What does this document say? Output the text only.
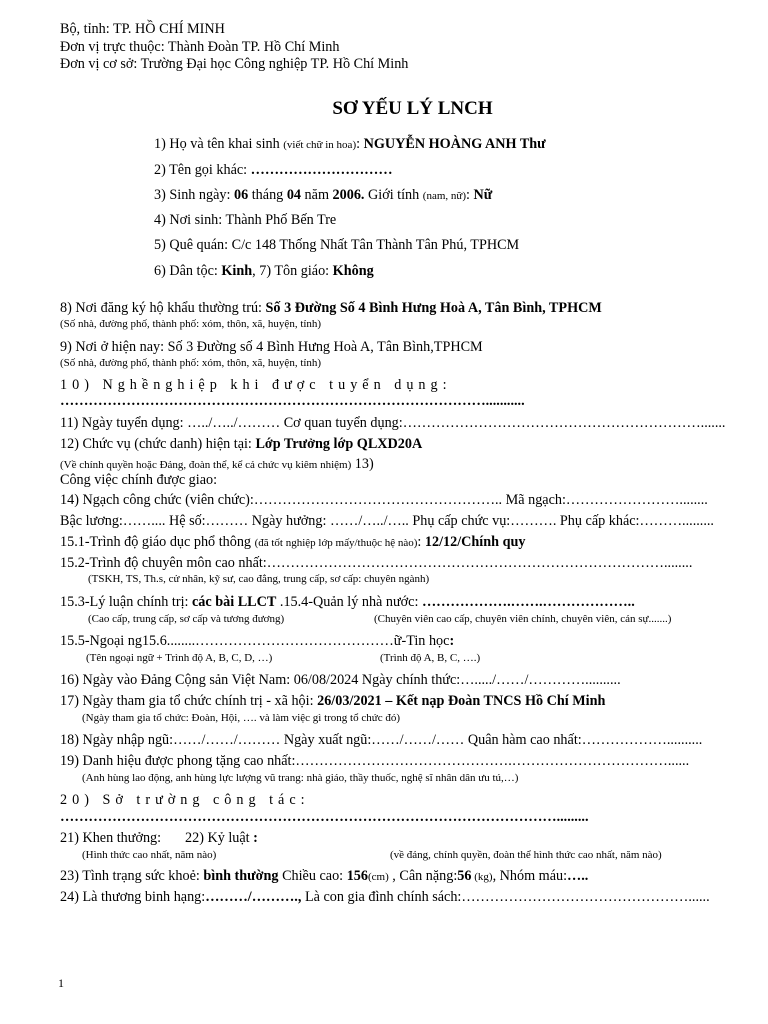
Bộ, tỉnh: TP. HỒ CHÍ MINH
Đơn vị trực thuộc: Thành Đoàn TP. Hồ Chí Minh
Đơn vị cơ sở: Trường Đại học Công nghiệp TP. Hồ Chí Minh
SƠ YẾU LÝ LNCH
1) Họ và tên khai sinh (viết chữ in hoa): NGUYỄN HOÀNG ANH Thư
2) Tên gọi khác: …………………………
3) Sinh ngày: 06 tháng 04 năm 2006. Giới tính (nam, nữ): Nữ
4) Nơi sinh: Thành Phố Bến Tre
5) Quê quán: C/c 148 Thống Nhất Tân Thành Tân Phú, TPHCM
6) Dân tộc: Kinh, 7) Tôn giáo: Không
8) Nơi đăng ký hộ khẩu thường trú: Số 3 Đường Số 4 Bình Hưng Hoà A, Tân Bình, TPHCM
(Số nhà, đường phố, thành phố: xóm, thôn, xã, huyện, tỉnh)
9) Nơi ở hiện nay: Số 3 Đường số 4 Bình Hưng Hoà A, Tân Bình,TPHCM
(Số nhà, đường phố, thành phố: xóm, thôn, xã, huyện, tỉnh)
10) Nghềnghiệp khi được tuyển dụng:
………………………………………………………………………………...........
11) Ngày tuyển dụng: …../…../……… Cơ quan tuyển dụng:……………………………………………………….......
12) Chức vụ (chức danh) hiện tại: Lớp Trưởng lớp QLXD20A
(Về chính quyền hoặc Đảng, đoàn thể, kể cả chức vụ kiêm nhiệm) 13)
Công việc chính được giao:
14) Ngạch công chức (viên chức):…………………………………………….. Mã ngạch:……………………........
Bậc lương:…….... Hệ số:……… Ngày hưởng: ……/…../….. Phụ cấp chức vụ:………. Phụ cấp khác:……….........
15.1-Trình độ giáo dục phổ thông (đã tốt nghiệp lớp mấy/thuộc hệ nào): 12/12/Chính quy
15.2-Trình độ chuyên môn cao nhất:…………………………………………………………………………........
(TSKH, TS, Th.s, cử nhân, kỹ sư, cao đẳng, trung cấp, sơ cấp: chuyên ngành)
15.3-Lý luận chính trị: các bài LLCT .15.4-Quản lý nhà nước: ……………….…….………………..
(Cao cấp, trung cấp, sơ cấp và tương đương)	(Chuyên viên cao cấp, chuyên viên chính, chuyên viên, cán sự.......)
15.5-Ngoại ng15.6........……………………………………ữ-Tin học:
(Tên ngoại ngữ + Trình độ A, B, C, D, …)	(Trình độ A, B, C, ….)
16) Ngày vào Đảng Cộng sản Việt Nam: 06/08/2024 Ngày chính thức:…...../……/…………..........
17) Ngày tham gia tổ chức chính trị - xã hội: 26/03/2021 – Kết nạp Đoàn TNCS Hồ Chí Minh
(Ngày tham gia tổ chức: Đoàn, Hội, …. và làm việc gì trong tổ chức đó)
18) Ngày nhập ngũ:……/……/……… Ngày xuất ngũ:……/……/…… Quân hàm cao nhất:………………..........
19) Danh hiệu được phong tặng cao nhất:……………………………………….……………………………......
(Anh hùng lao động, anh hùng lực lượng vũ trang: nhà giáo, thầy thuốc, nghệ sĩ nhân dân ưu tú,…)
20) Sở trường công tác:
…………………………………………………………………………………………….........
21) Khen thưởng: 22) Kỷ luật :
(Hình thức cao nhất, năm nào)	(về đảng, chính quyền, đoàn thể hình thức cao nhất, năm nào)
23) Tình trạng sức khoẻ: bình thường Chiều cao: 156(cm) , Cân nặng:56 (kg), Nhóm máu:…..
24) Là thương binh hạng:………/………., Là con gia đình chính sách:…………………………………………......
1
